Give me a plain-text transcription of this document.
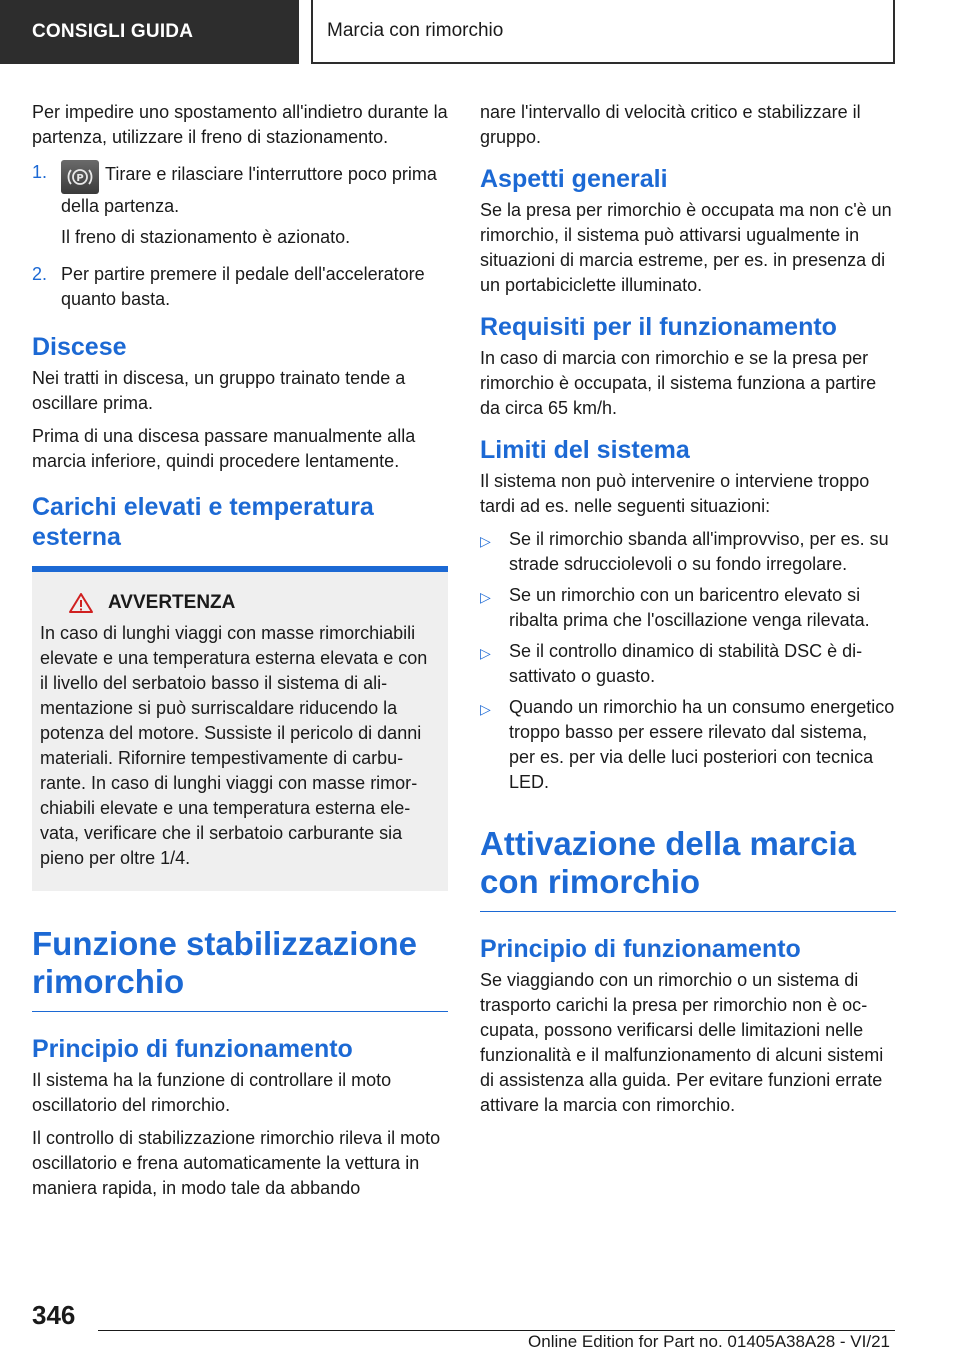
CONSIGLI GUIDA	Marcia con rimorchio

Per impedire uno spostamento all'indietro durante la partenza, utilizzare il freno di stazionamento.

1.	P Tirare e rilasciare l'interruttore poco prima della partenza.

Il freno di stazionamento è azionato.

2. Per partire premere il pedale dell'acceleratore quanto basta.

Discese

Nei tratti in discesa, un gruppo trainato tende a oscillare prima.

Prima di una discesa passare manualmente alla marcia inferiore, quindi procedere lentamente.

Carichi elevati e temperatura esterna
AVVERTENZA

In caso di lunghi viaggi con masse rimorchiabili elevate e una temperatura esterna elevata e con il livello del serbatoio basso il sistema di alimentazione si può surriscaldare riducendo la potenza del motore. Sussiste il pericolo di danni materiali. Rifornire tempestivamente di carburante. In caso di lunghi viaggi con masse rimorchiabili elevate e una temperatura esterna elevata, verificare che il serbatoio carburante sia pieno per oltre 1/4.

Funzione stabilizzazione rimorchio
Principio di funzionamento

Il sistema ha la funzione di controllare il moto oscillatorio del rimorchio.

Il controllo di stabilizzazione rimorchio rileva il moto oscillatorio e frena automaticamente la vettura in maniera rapida, in modo tale da abbando

nare l'intervallo di velocità critico e stabilizzare il gruppo.

Aspetti generali

Se la presa per rimorchio è occupata ma non c'è un rimorchio, il sistema può attivarsi ugualmente in situazioni di marcia estreme, per es. in presenza di un portabiciclette illuminato.

Requisiti per il funzionamento

In caso di marcia con rimorchio e se la presa per rimorchio è occupata, il sistema funziona a partire da circa 65 km/h.

Limiti del sistema

Il sistema non può intervenire o interviene troppo tardi ad es. nelle seguenti situazioni:

▷	Se il rimorchio sbanda all'improvviso, per es. su strade sdrucciolevoli o su fondo irregolare.
▷	Se un rimorchio con un baricentro elevato si ribalta prima che l'oscillazione venga rilevata.
▷	Se il controllo dinamico di stabilità DSC è disattivato o guasto.
▷	Quando un rimorchio ha un consumo energetico troppo basso per essere rilevato dal sistema, per es. per via delle luci posteriori con tecnica LED.
Attivazione della marcia con rimorchio
Principio di funzionamento

Se viaggiando con un rimorchio o un sistema di trasporto carichi la presa per rimorchio non è occupata, possono verificarsi delle limitazioni nelle funzionalità e il malfunzionamento di alcuni sistemi di assistenza alla guida. Per evitare funzioni errate attivare la marcia con rimorchio.

346
Online Edition for Part no. 01405A38A28 - VI/21
